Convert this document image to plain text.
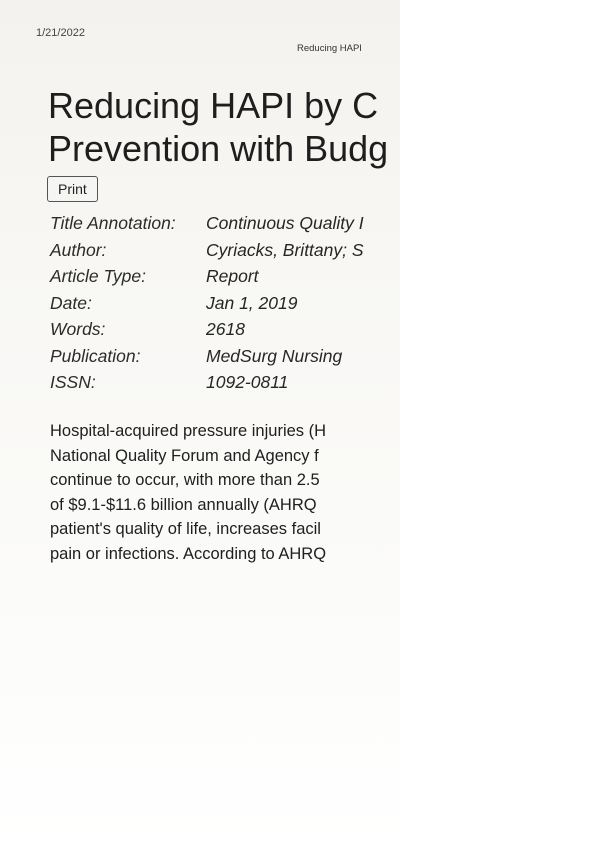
1/21/2022
Reducing HAPI
Reducing HAPI by C
Prevention with Budg
Print
Title Annotation: Continuous Quality I
Author:	Cyriacks, Brittany; S
Article Type:	Report
Date:	Jan 1, 2019
Words:	2618
Publication:	MedSurg Nursing
ISSN:	1092-0811

Hospital-acquired pressure injuries (H
National Quality Forum and Agency f
continue to occur, with more than 2.5
of $9.1-$11.6 billion annually (AHRQ
patient's quality of life, increases facil
pain or infections. According to AHRQ
